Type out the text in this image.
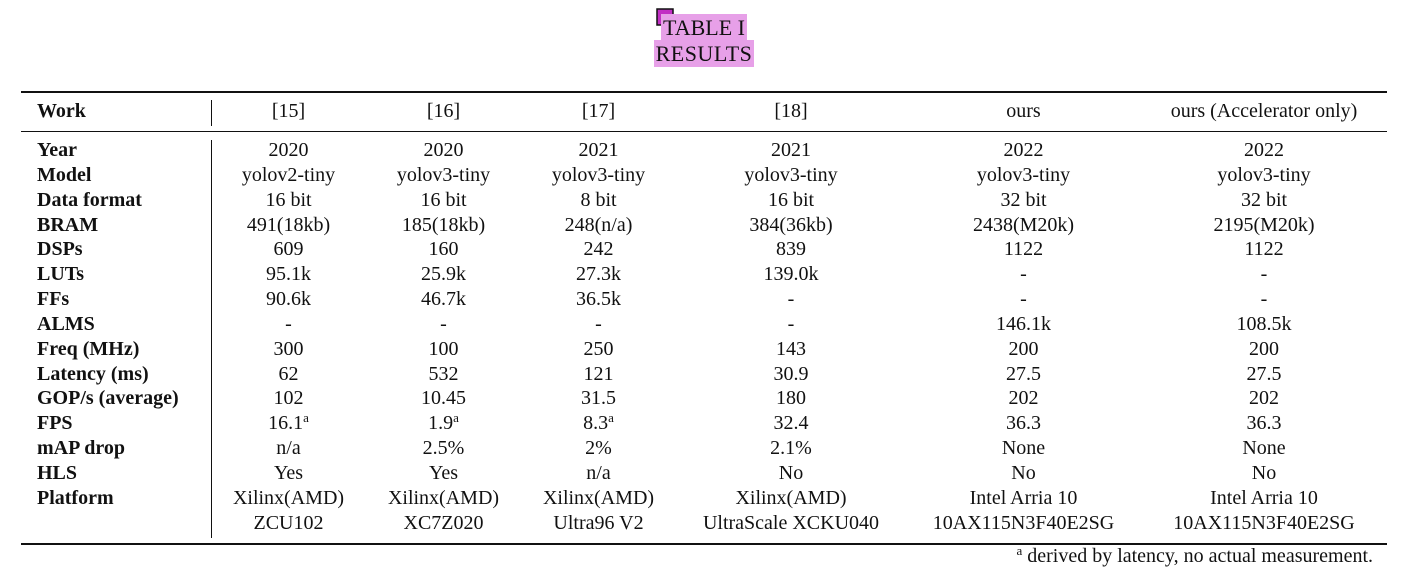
TABLE I
RESULTS
Work	[15]	[16]	[17]	[18]	ours	ours (Accelerator only)
Year	2020	2020	2021	2021	2022	2022
Model	yolov2-tiny	yolov3-tiny	yolov3-tiny	yolov3-tiny	yolov3-tiny	yolov3-tiny
Data format	16 bit	16 bit	8 bit	16 bit	32 bit	32 bit
BRAM	491(18kb)	185(18kb)	248(n/a)	384(36kb)	2438(M20k)	2195(M20k)
DSPs	609	160	242	839	1122	1122
LUTs	95.1k	25.9k	27.3k	139.0k	-	-
FFs	90.6k	46.7k	36.5k	-	-	-
ALMS	-	-	-	-	146.1k	108.5k
Freq (MHz)	300	100	250	143	200	200
Latency (ms)	62	532	121	30.9	27.5	27.5
GOP/s (average)	102	10.45	31.5	180	202	202
FPS	16.1$^a$	1.9$^a$	8.3$^a$	32.4	36.3	36.3
mAP drop	n/a	2.5%	2%	2.1%	None	None
HLS	Yes	Yes	n/a	No	No	No
Platform	Xilinx(AMD)	Xilinx(AMD)	Xilinx(AMD)	Xilinx(AMD)	Intel Arria 10	Intel Arria 10
	ZCU102	XC7Z020	Ultra96 V2	UltraScale XCKU040	10AX115N3F40E2SG	10AX115N3F40E2SG
$^a$ derived by latency, no actual measurement.
